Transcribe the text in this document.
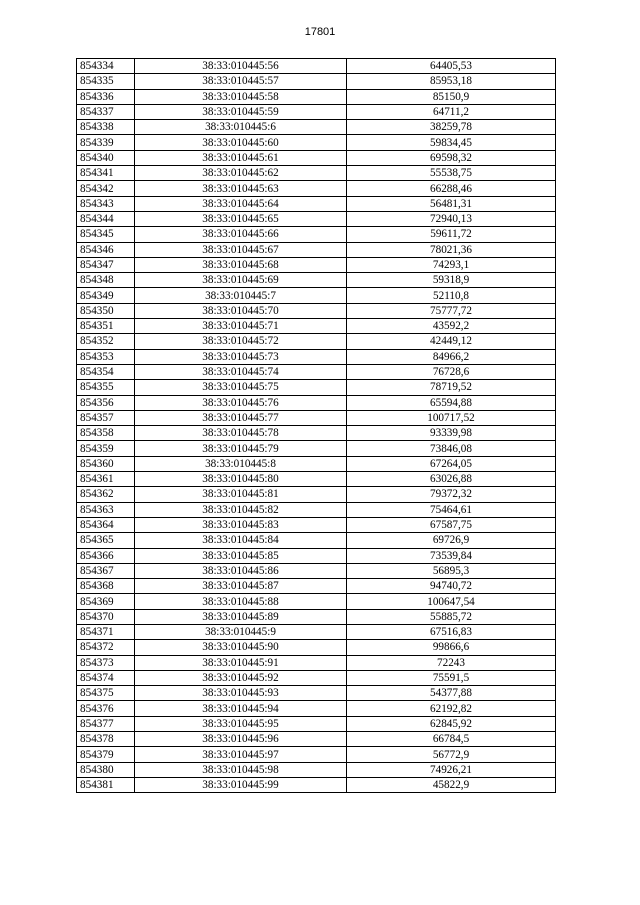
17801
854334	38:33:010445:56	64405,53
854335	38:33:010445:57	85953,18
854336	38:33:010445:58	85150,9
854337	38:33:010445:59	64711,2
854338	38:33:010445:6	38259,78
854339	38:33:010445:60	59834,45
854340	38:33:010445:61	69598,32
854341	38:33:010445:62	55538,75
854342	38:33:010445:63	66288,46
854343	38:33:010445:64	56481,31
854344	38:33:010445:65	72940,13
854345	38:33:010445:66	59611,72
854346	38:33:010445:67	78021,36
854347	38:33:010445:68	74293,1
854348	38:33:010445:69	59318,9
854349	38:33:010445:7	52110,8
854350	38:33:010445:70	75777,72
854351	38:33:010445:71	43592,2
854352	38:33:010445:72	42449,12
854353	38:33:010445:73	84966,2
854354	38:33:010445:74	76728,6
854355	38:33:010445:75	78719,52
854356	38:33:010445:76	65594,88
854357	38:33:010445:77	100717,52
854358	38:33:010445:78	93339,98
854359	38:33:010445:79	73846,08
854360	38:33:010445:8	67264,05
854361	38:33:010445:80	63026,88
854362	38:33:010445:81	79372,32
854363	38:33:010445:82	75464,61
854364	38:33:010445:83	67587,75
854365	38:33:010445:84	69726,9
854366	38:33:010445:85	73539,84
854367	38:33:010445:86	56895,3
854368	38:33:010445:87	94740,72
854369	38:33:010445:88	100647,54
854370	38:33:010445:89	55885,72
854371	38:33:010445:9	67516,83
854372	38:33:010445:90	99866,6
854373	38:33:010445:91	72243
854374	38:33:010445:92	75591,5
854375	38:33:010445:93	54377,88
854376	38:33:010445:94	62192,82
854377	38:33:010445:95	62845,92
854378	38:33:010445:96	66784,5
854379	38:33:010445:97	56772,9
854380	38:33:010445:98	74926,21
854381	38:33:010445:99	45822,9
